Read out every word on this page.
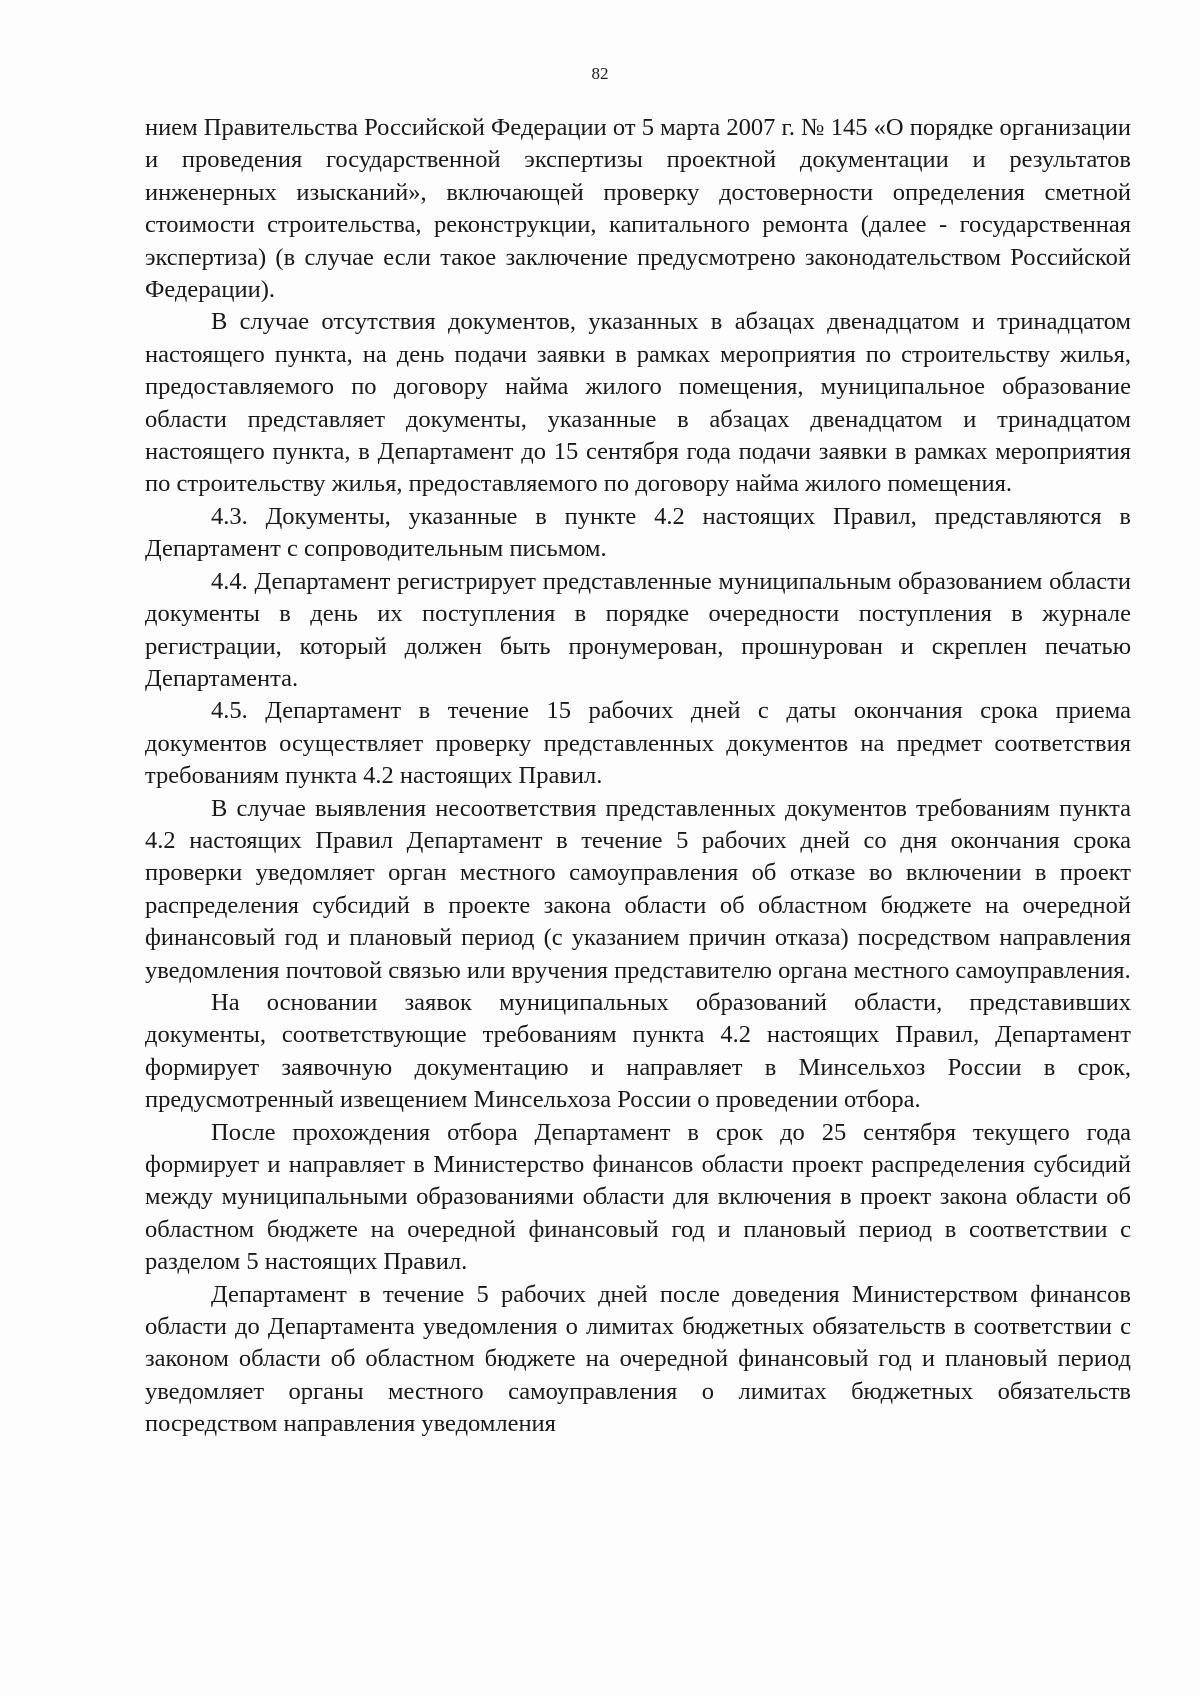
82

нием Правительства Российской Федерации от 5 марта 2007 г. № 145 «О порядке организации и проведения государственной экспертизы проектной документации и результатов инженерных изысканий», включающей проверку достоверности определения сметной стоимости строительства, реконструкции, капитального ремонта (далее - государственная экспертиза) (в случае если такое заключение предусмотрено законодательством Российской Федерации).

В случае отсутствия документов, указанных в абзацах двенадцатом и тринадцатом настоящего пункта, на день подачи заявки в рамках мероприятия по строительству жилья, предоставляемого по договору найма жилого помещения, муниципальное образование области представляет документы, указанные в абзацах двенадцатом и тринадцатом настоящего пункта, в Департамент до 15 сентября года подачи заявки в рамках мероприятия по строительству жилья, предоставляемого по договору найма жилого помещения.

4.3. Документы, указанные в пункте 4.2 настоящих Правил, представляются в Департамент с сопроводительным письмом.

4.4. Департамент регистрирует представленные муниципальным образованием области документы в день их поступления в порядке очередности поступления в журнале регистрации, который должен быть пронумерован, прошнурован и скреплен печатью Департамента.

4.5. Департамент в течение 15 рабочих дней с даты окончания срока приема документов осуществляет проверку представленных документов на предмет соответствия требованиям пункта 4.2 настоящих Правил.

В случае выявления несоответствия представленных документов требованиям пункта 4.2 настоящих Правил Департамент в течение 5 рабочих дней со дня окончания срока проверки уведомляет орган местного самоуправления об отказе во включении в проект распределения субсидий в проекте закона области об областном бюджете на очередной финансовый год и плановый период (с указанием причин отказа) посредством направления уведомления почтовой связью или вручения представителю органа местного самоуправления.

На основании заявок муниципальных образований области, представивших документы, соответствующие требованиям пункта 4.2 настоящих Правил, Департамент формирует заявочную документацию и направляет в Минсельхоз России в срок, предусмотренный извещением Минсельхоза России о проведении отбора.

После прохождения отбора Департамент в срок до 25 сентября текущего года формирует и направляет в Министерство финансов области проект распределения субсидий между муниципальными образованиями области для включения в проект закона области об областном бюджете на очередной финансовый год и плановый период в соответствии с разделом 5 настоящих Правил.

Департамент в течение 5 рабочих дней после доведения Министерством финансов области до Департамента уведомления о лимитах бюджетных обязательств в соответствии с законом области об областном бюджете на очередной финансовый год и плановый период уведомляет органы местного самоуправления о лимитах бюджетных обязательств посредством направления уведомления
